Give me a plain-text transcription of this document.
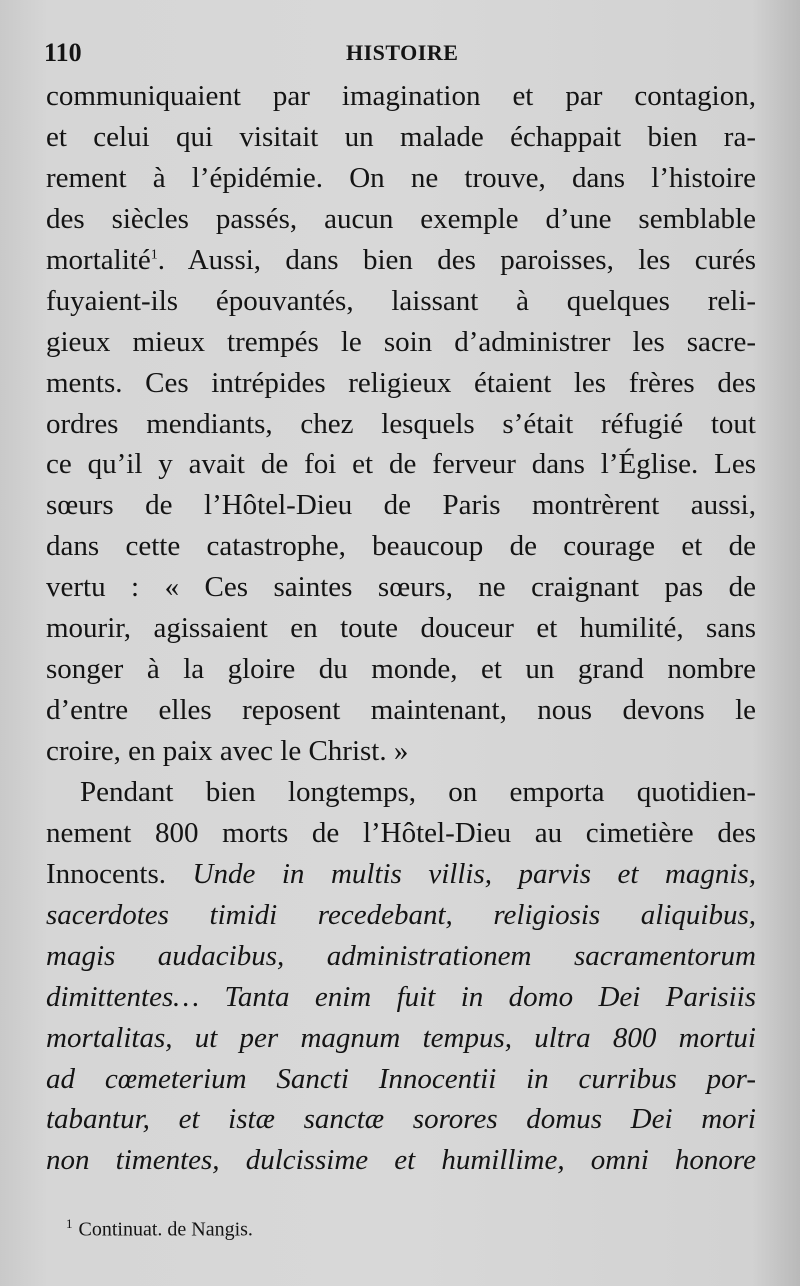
110	HISTOIRE
communiquaient par imagination et par contagion,
et celui qui visitait un malade échappait bien ra-
rement à l’épidémie. On ne trouve, dans l’histoire
des siècles passés, aucun exemple d’une semblable
mortalité$^1$. Aussi, dans bien des paroisses, les curés
fuyaient-ils épouvantés, laissant à quelques reli-
gieux mieux trempés le soin d’administrer les sacre-
ments. Ces intrépides religieux étaient les frères des
ordres mendiants, chez lesquels s’était réfugié tout
ce qu’il y avait de foi et de ferveur dans l’Église. Les
sœurs de l’Hôtel-Dieu de Paris montrèrent aussi,
dans cette catastrophe, beaucoup de courage et de
vertu : « Ces saintes sœurs, ne craignant pas de
mourir, agissaient en toute douceur et humilité, sans
songer à la gloire du monde, et un grand nombre
d’entre elles reposent maintenant, nous devons le
croire, en paix avec le Christ. »
Pendant bien longtemps, on emporta quotidien-
nement 800 morts de l’Hôtel-Dieu au cimetière des
Innocents. Unde in multis villis, parvis et magnis,
sacerdotes timidi recedebant, religiosis aliquibus,
magis audacibus, administrationem sacramentorum
dimittentes… Tanta enim fuit in domo Dei Parisiis
mortalitas, ut per magnum tempus, ultra 800 mortui
ad cœmeterium Sancti Innocentii in curribus por-
tabantur, et istæ sanctæ sorores domus Dei mori
non timentes, dulcissime et humillime, omni honore
$^1$ Continuat. de Nangis.
